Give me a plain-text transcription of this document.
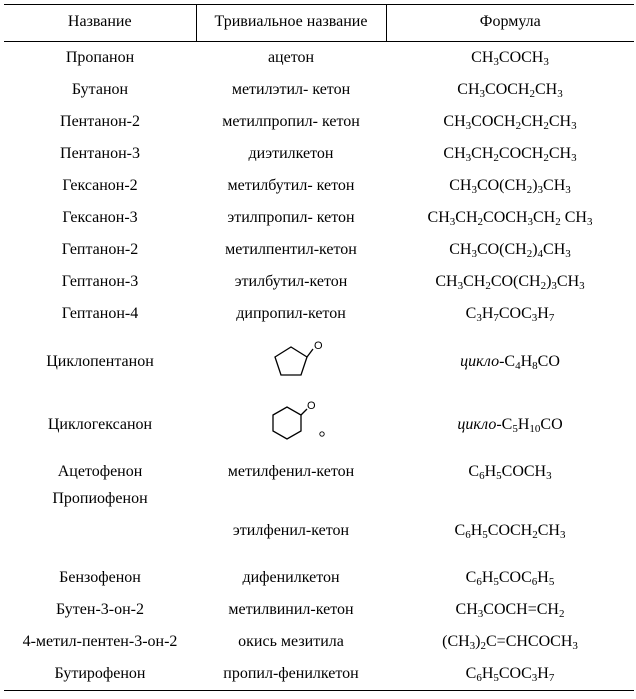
Название	Тривиальное название	Формула
Пропанон	ацетон	$CH_3COCH_3$
Бутанон	метилэтил- кетон	$CH_3COCH_2CH_3$
Пентанон-2	метилпропил- кетон	$CH_3COCH_2CH_2CH_3$
Пентанон-3	диэтилкетон	$CH_3CH_2COCH_2CH_3$
Гексанон-2	метилбутил- кетон	$CH_3CO(CH_2)_3CH_3$
Гексанон-3	этилпропил- кетон	$CH_3CH_2COCH_3CH_2$ $CH_3$
Гептанон-2	метилпентил-кетон	$CH_3CO(CH_2)_4CH_3$
Гептанон-3	этилбутил-кетон	$CH_3CH_2CO(CH_2)_3CH_3$
Гептанон-4	дипропил-кетон	$C_3H_7COC_3H_7$
Циклопентанон	O	цикло-$C_4H_8CO$
Циклогексанон	O	цикло-$C_5H_{10}CO$
Ацетофенон	метилфенил-кетон	$C_6H_5COCH_3$
Пропиофенон	этилфенил-кетон	$C_6H_5COCH_2CH_3$
Бензофенон	дифенилкетон	$C_6H_5COC_6H_5$
Бутен-3-он-2	метилвинил-кетон	$CH_3COCH=CH_2$
4-метил-пентен-3-он-2	окись мезитила	$(CH_3)_2C=CHCOCH_3$
Бутирофенон	пропил-фенилкетон	$C_6H_5COC_3H_7$
